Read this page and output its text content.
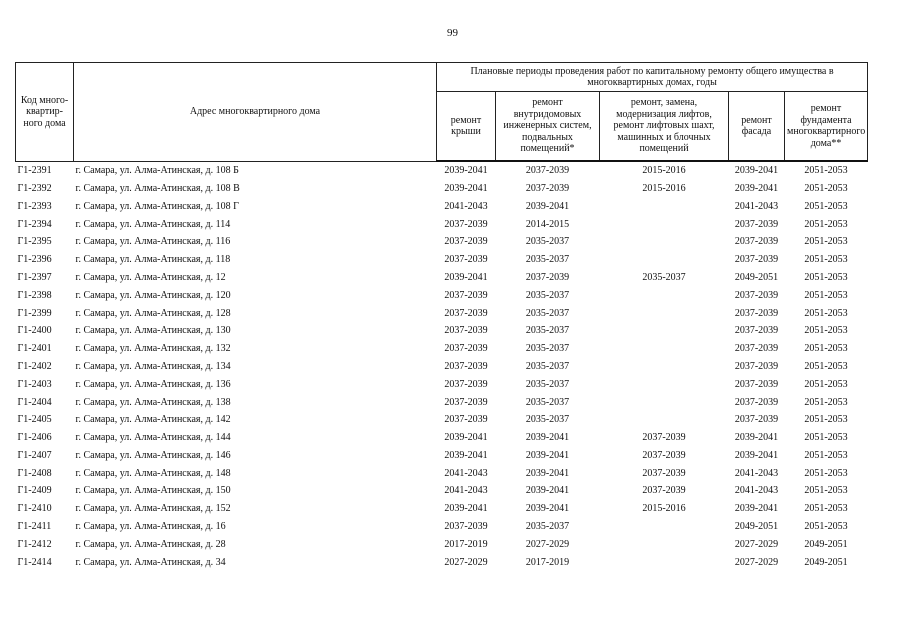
99
Код много-квартир-ного дома	Адрес многоквартирного дома	Плановые периоды проведения работ по капитальному ремонту общего имущества в многоквартирных домах, годы				
		ремонт крыши	ремонт внутридомовых инженерных систем, подвальных помещений*	ремонт, замена, модернизация лифтов, ремонт лифтовых шахт, машинных и блочных помещений	ремонт фасада	ремонт фундамента многоквартирного дома**
Г1-2391	г. Самара, ул. Алма-Атинская, д. 108 Б	2039-2041	2037-2039	2015-2016	2039-2041	2051-2053
Г1-2392	г. Самара, ул. Алма-Атинская, д. 108 В	2039-2041	2037-2039	2015-2016	2039-2041	2051-2053
Г1-2393	г. Самара, ул. Алма-Атинская, д. 108 Г	2041-2043	2039-2041		2041-2043	2051-2053
Г1-2394	г. Самара, ул. Алма-Атинская, д. 114	2037-2039	2014-2015		2037-2039	2051-2053
Г1-2395	г. Самара, ул. Алма-Атинская, д. 116	2037-2039	2035-2037		2037-2039	2051-2053
Г1-2396	г. Самара, ул. Алма-Атинская, д. 118	2037-2039	2035-2037		2037-2039	2051-2053
Г1-2397	г. Самара, ул. Алма-Атинская, д. 12	2039-2041	2037-2039	2035-2037	2049-2051	2051-2053
Г1-2398	г. Самара, ул. Алма-Атинская, д. 120	2037-2039	2035-2037		2037-2039	2051-2053
Г1-2399	г. Самара, ул. Алма-Атинская, д. 128	2037-2039	2035-2037		2037-2039	2051-2053
Г1-2400	г. Самара, ул. Алма-Атинская, д. 130	2037-2039	2035-2037		2037-2039	2051-2053
Г1-2401	г. Самара, ул. Алма-Атинская, д. 132	2037-2039	2035-2037		2037-2039	2051-2053
Г1-2402	г. Самара, ул. Алма-Атинская, д. 134	2037-2039	2035-2037		2037-2039	2051-2053
Г1-2403	г. Самара, ул. Алма-Атинская, д. 136	2037-2039	2035-2037		2037-2039	2051-2053
Г1-2404	г. Самара, ул. Алма-Атинская, д. 138	2037-2039	2035-2037		2037-2039	2051-2053
Г1-2405	г. Самара, ул. Алма-Атинская, д. 142	2037-2039	2035-2037		2037-2039	2051-2053
Г1-2406	г. Самара, ул. Алма-Атинская, д. 144	2039-2041	2039-2041	2037-2039	2039-2041	2051-2053
Г1-2407	г. Самара, ул. Алма-Атинская, д. 146	2039-2041	2039-2041	2037-2039	2039-2041	2051-2053
Г1-2408	г. Самара, ул. Алма-Атинская, д. 148	2041-2043	2039-2041	2037-2039	2041-2043	2051-2053
Г1-2409	г. Самара, ул. Алма-Атинская, д. 150	2041-2043	2039-2041	2037-2039	2041-2043	2051-2053
Г1-2410	г. Самара, ул. Алма-Атинская, д. 152	2039-2041	2039-2041	2015-2016	2039-2041	2051-2053
Г1-2411	г. Самара, ул. Алма-Атинская, д. 16	2037-2039	2035-2037		2049-2051	2051-2053
Г1-2412	г. Самара, ул. Алма-Атинская, д. 28	2017-2019	2027-2029		2027-2029	2049-2051
Г1-2414	г. Самара, ул. Алма-Атинская, д. 34	2027-2029	2017-2019		2027-2029	2049-2051
